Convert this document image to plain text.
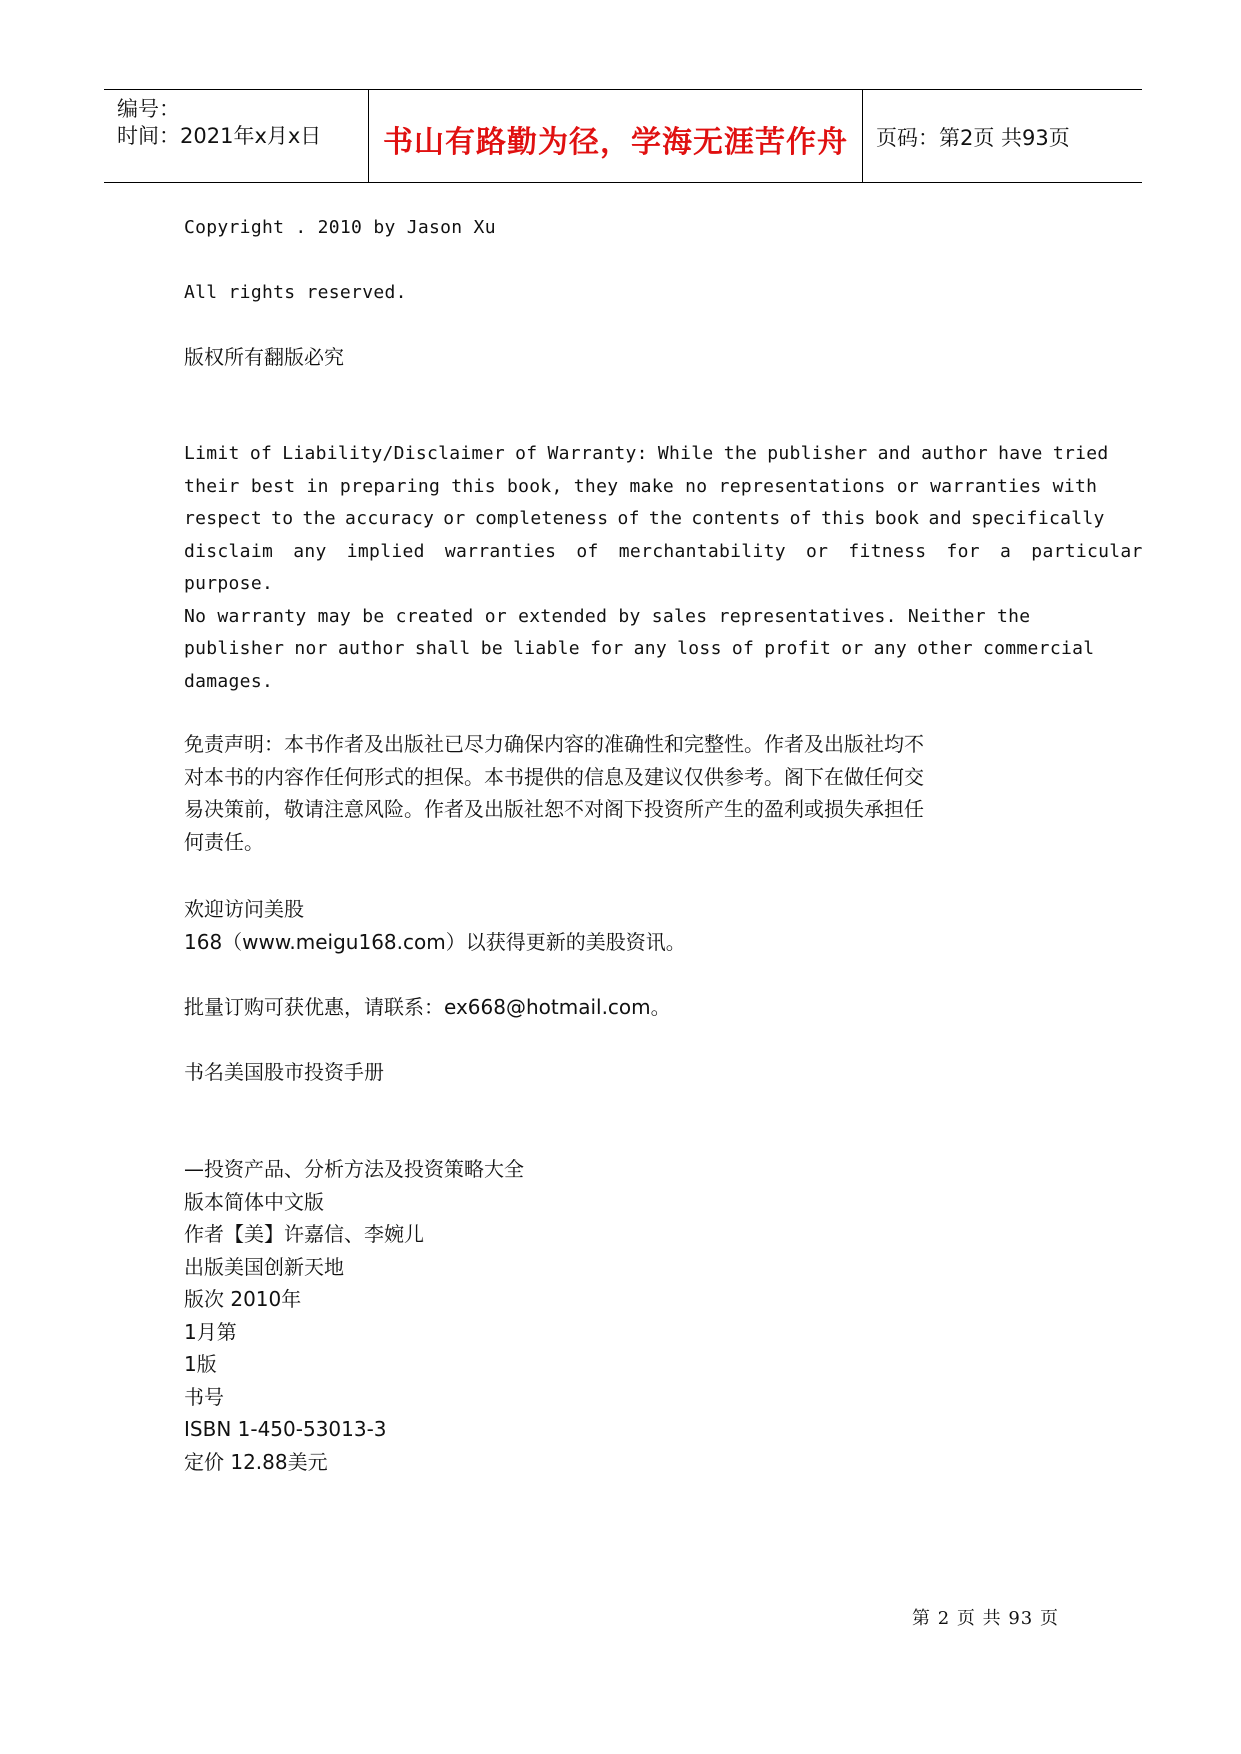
编号：
时间：2021年x月x日	书山有路勤为径，学海无涯苦作舟	页码：第2页 共93页
Copyright . 2010 by Jason Xu
All rights reserved.
版权所有翻版必究
Limit of Liability/Disclaimer of Warranty: While the publisher and author have tried
their best in preparing this book, they make no representations or warranties with
respect to the accuracy or completeness of the contents of this book and specifically
disclaim any implied warranties of merchantability or fitness for a particular
purpose.
No warranty may be created or extended by sales representatives. Neither the
publisher nor author shall be liable for any loss of profit or any other commercial
damages.
免责声明：本书作者及出版社已尽力确保内容的准确性和完整性。作者及出版社均不
对本书的内容作任何形式的担保。本书提供的信息及建议仅供参考。阁下在做任何交
易决策前，敬请注意风险。作者及出版社恕不对阁下投资所产生的盈利或损失承担任
何责任。
欢迎访问美股
168（www.meigu168.com）以获得更新的美股资讯。
批量订购可获优惠，请联系：ex668@hotmail.com。
书名美国股市投资手册
—投资产品、分析方法及投资策略大全
版本简体中文版
作者【美】许嘉信、李婉儿
出版美国创新天地
版次 2010年
1月第
1版
书号
ISBN 1-450-53013-3
定价 12.88美元
第 2 页 共 93 页
